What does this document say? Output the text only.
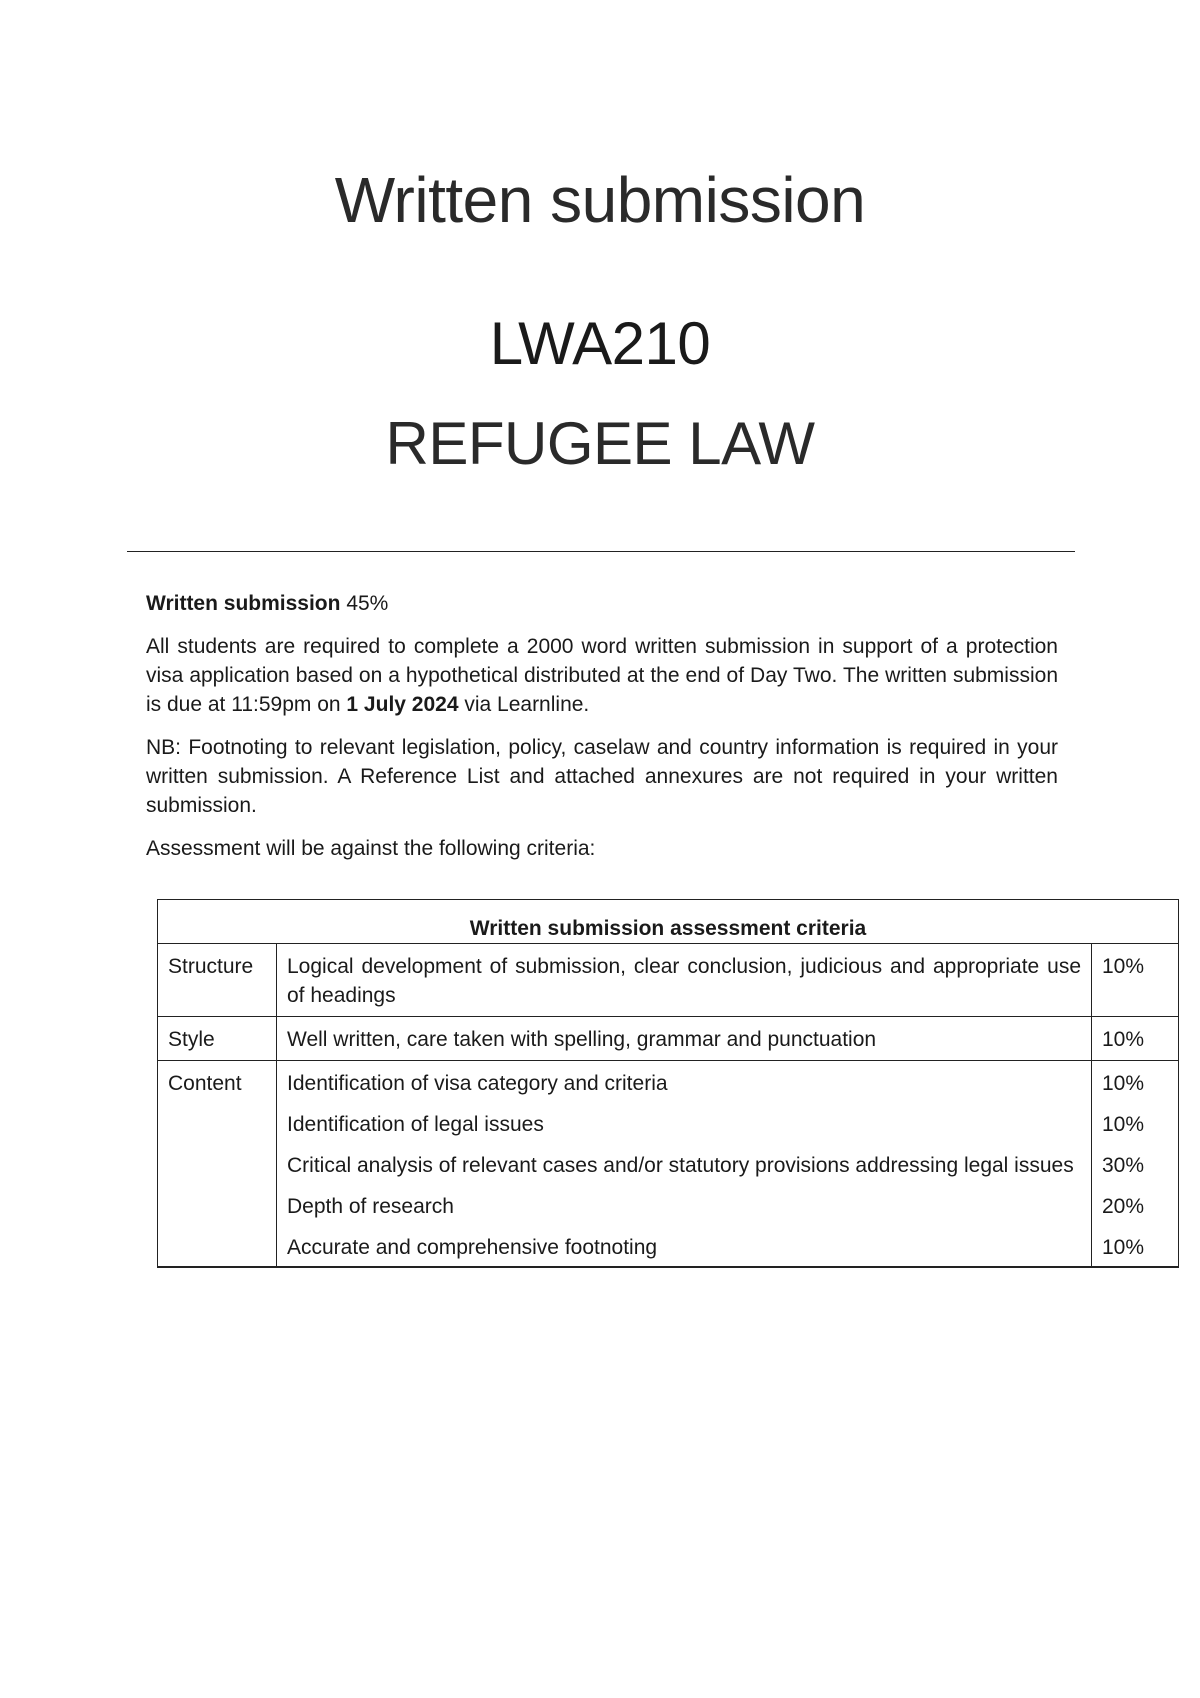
Written submission
LWA210
REFUGEE LAW

Written submission 45%

All students are required to complete a 2000 word written submission in support of a protection visa application based on a hypothetical distributed at the end of Day Two. The written submission is due at 11:59pm on 1 July 2024 via Learnline.

NB: Footnoting to relevant legislation, policy, caselaw and country information is required in your written submission. A Reference List and attached annexures are not required in your written submission.

Assessment will be against the following criteria:

Written submission assessment criteria		
Structure	Logical development of submission, clear conclusion, judicious and appropriate use of headings	10%
Style	Well written, care taken with spelling, grammar and punctuation	10%
Content	Identification of visa category and criteria	10%
	Identification of legal issues	10%
	Critical analysis of relevant cases and/or statutory provisions addressing legal issues	30%
	Depth of research	20%
	Accurate and comprehensive footnoting	10%
